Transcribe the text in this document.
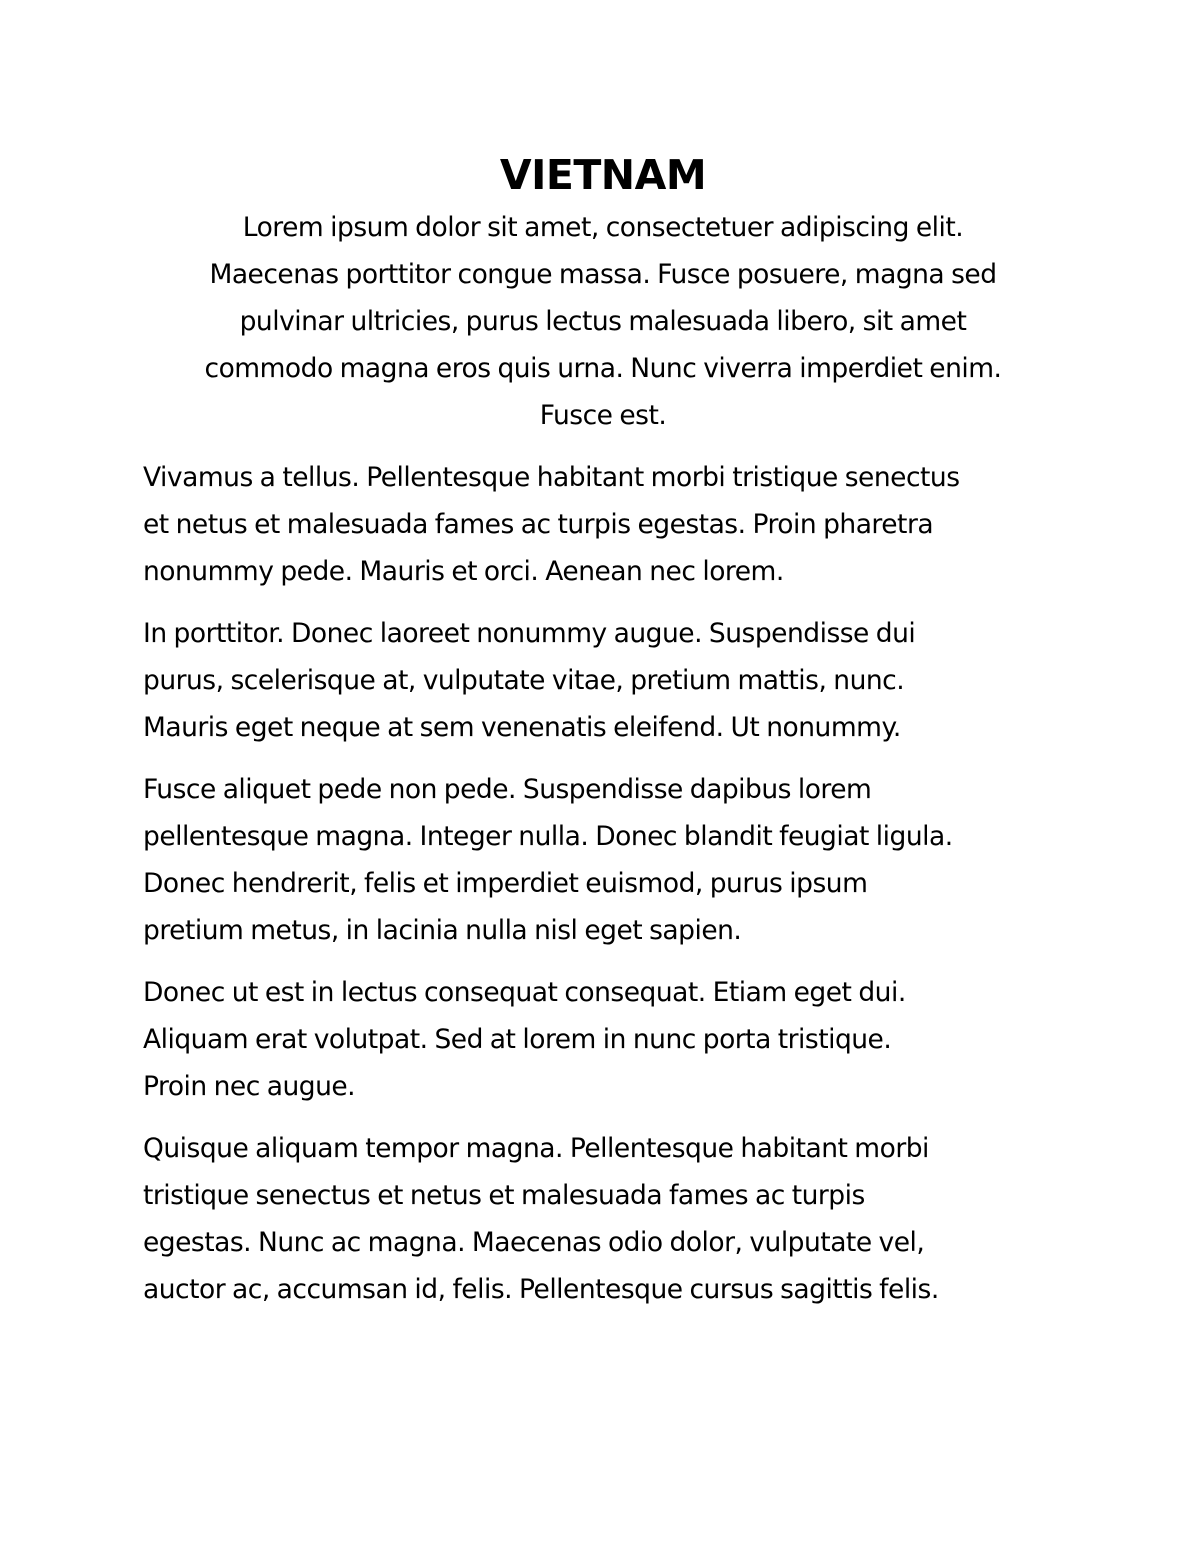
VIETNAM

Lorem ipsum dolor sit amet, consectetuer adipiscing elit.
Maecenas porttitor congue massa. Fusce posuere, magna sed
pulvinar ultricies, purus lectus malesuada libero, sit amet
commodo magna eros quis urna. Nunc viverra imperdiet enim.
Fusce est.

Vivamus a tellus. Pellentesque habitant morbi tristique senectus
et netus et malesuada fames ac turpis egestas. Proin pharetra
nonummy pede. Mauris et orci. Aenean nec lorem.

In porttitor. Donec laoreet nonummy augue. Suspendisse dui
purus, scelerisque at, vulputate vitae, pretium mattis, nunc.
Mauris eget neque at sem venenatis eleifend. Ut nonummy.

Fusce aliquet pede non pede. Suspendisse dapibus lorem
pellentesque magna. Integer nulla. Donec blandit feugiat ligula.
Donec hendrerit, felis et imperdiet euismod, purus ipsum
pretium metus, in lacinia nulla nisl eget sapien.

Donec ut est in lectus consequat consequat. Etiam eget dui.
Aliquam erat volutpat. Sed at lorem in nunc porta tristique.
Proin nec augue.

Quisque aliquam tempor magna. Pellentesque habitant morbi
tristique senectus et netus et malesuada fames ac turpis
egestas. Nunc ac magna. Maecenas odio dolor, vulputate vel,
auctor ac, accumsan id, felis. Pellentesque cursus sagittis felis.
